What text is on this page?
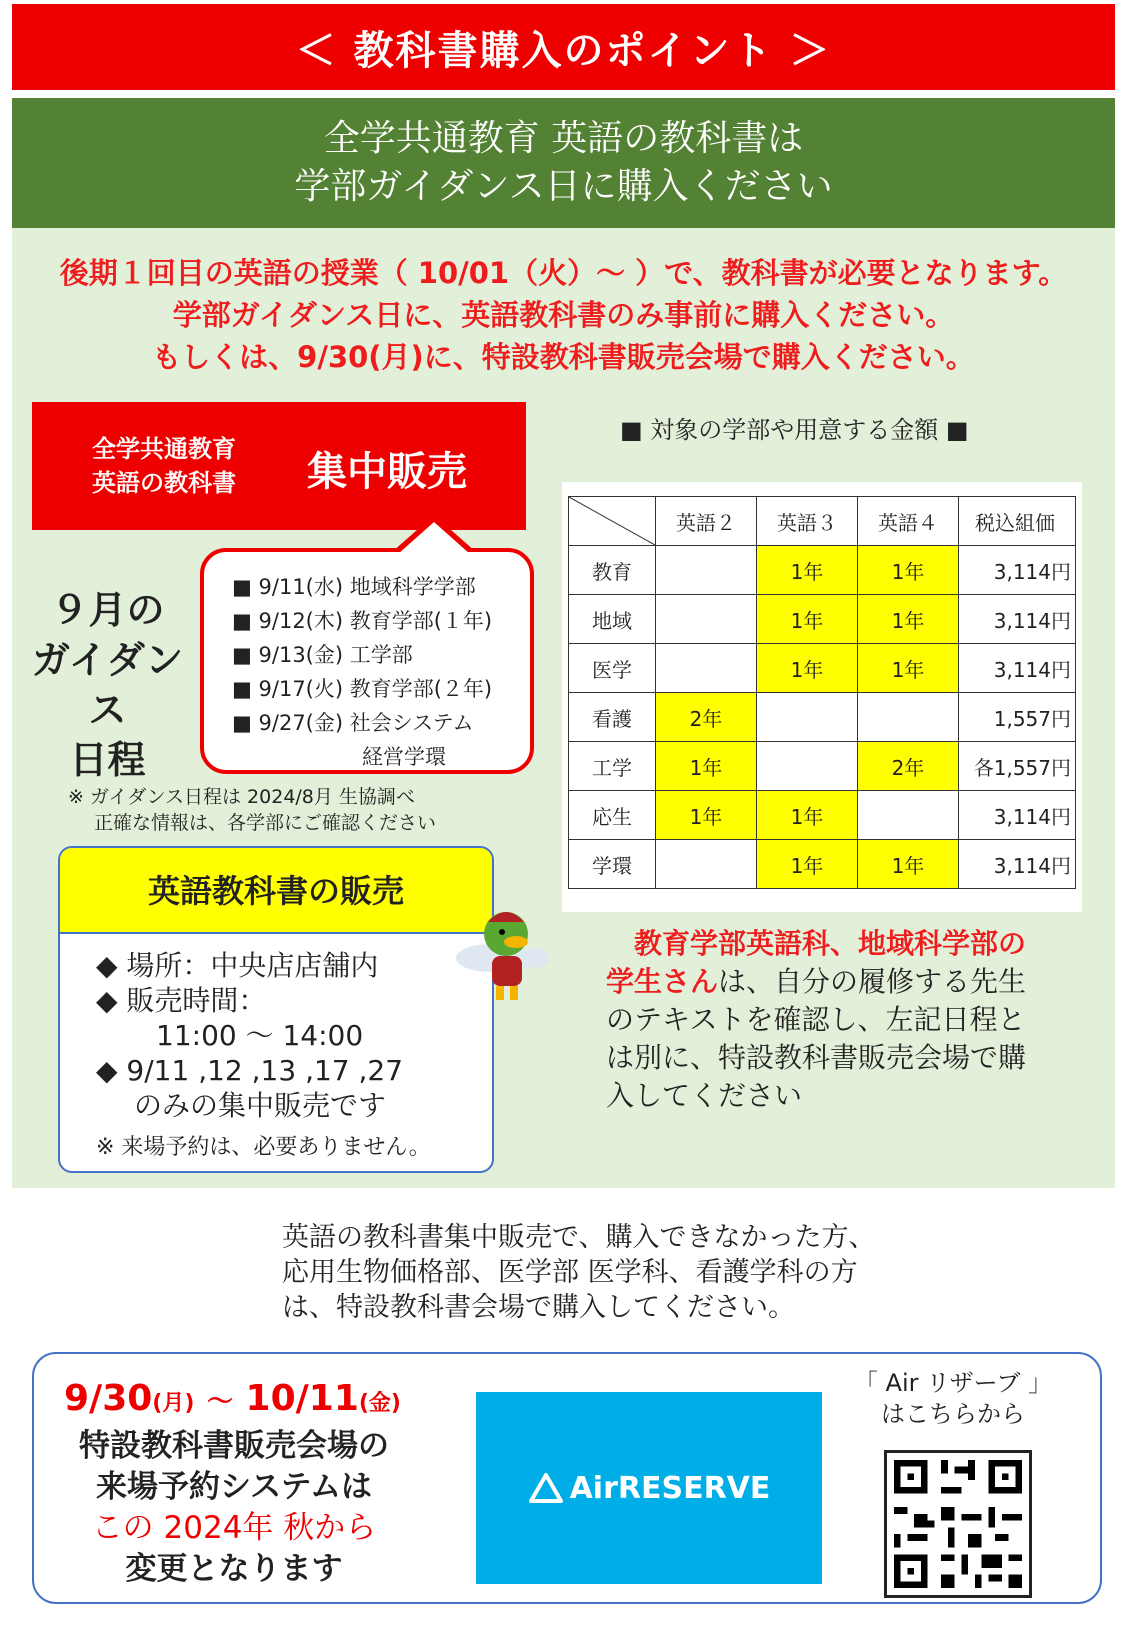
＜ 教科書購入のポイント ＞
全学共通教育 英語の教科書は
学部ガイダンス日に購入ください
後期１回目の英語の授業（ 10/01（火）～ ）で、教科書が必要となります。
学部ガイダンス日に、英語教科書のみ事前に購入ください。
もしくは、9/30(月)に、特設教科書販売会場で購入ください。
全学共通教育
英語の教科書 集中販売
■ 9/11(水) 地域科学学部
■ 9/12(木) 教育学部(１年)
■ 9/13(金) 工学部
■ 9/17(火) 教育学部(２年)
■ 9/27(金) 社会システム
経営学環
９月の
ガイダンス
日程
※ ガイダンス日程は 2024/8月 生協調べ
正確な情報は、各学部にご確認ください
英語教科書の販売
◆ 場所：中央店店舗内
◆ 販売時間：
11:00 ～ 14:00
◆ 9/11 ,12 ,13 ,17 ,27
のみの集中販売です
※ 来場予約は、必要ありません。
■ 対象の学部や用意する金額 ■
	英語２	英語３	英語４	税込組価
教育		1年	1年	3,114円
地域		1年	1年	3,114円
医学		1年	1年	3,114円
看護	2年			1,557円
工学	1年		2年	各1,557円
応生	1年	1年		3,114円
学環		1年	1年	3,114円
教育学部英語科、地域科学部の
学生さんは、自分の履修する先生のテキストを確認し、左記日程とは別に、特設教科書販売会場で購入してください
英語の教科書集中販売で、購入できなかった方、
応用生物価格部、医学部 医学科、看護学科の方
は、特設教科書会場で購入してください。
9/30(月) ～ 10/11(金)
特設教科書販売会場の
来場予約システムは
この 2024年 秋から
変更となります
AirRESERVE
「 Air リザーブ 」
はこちらから
